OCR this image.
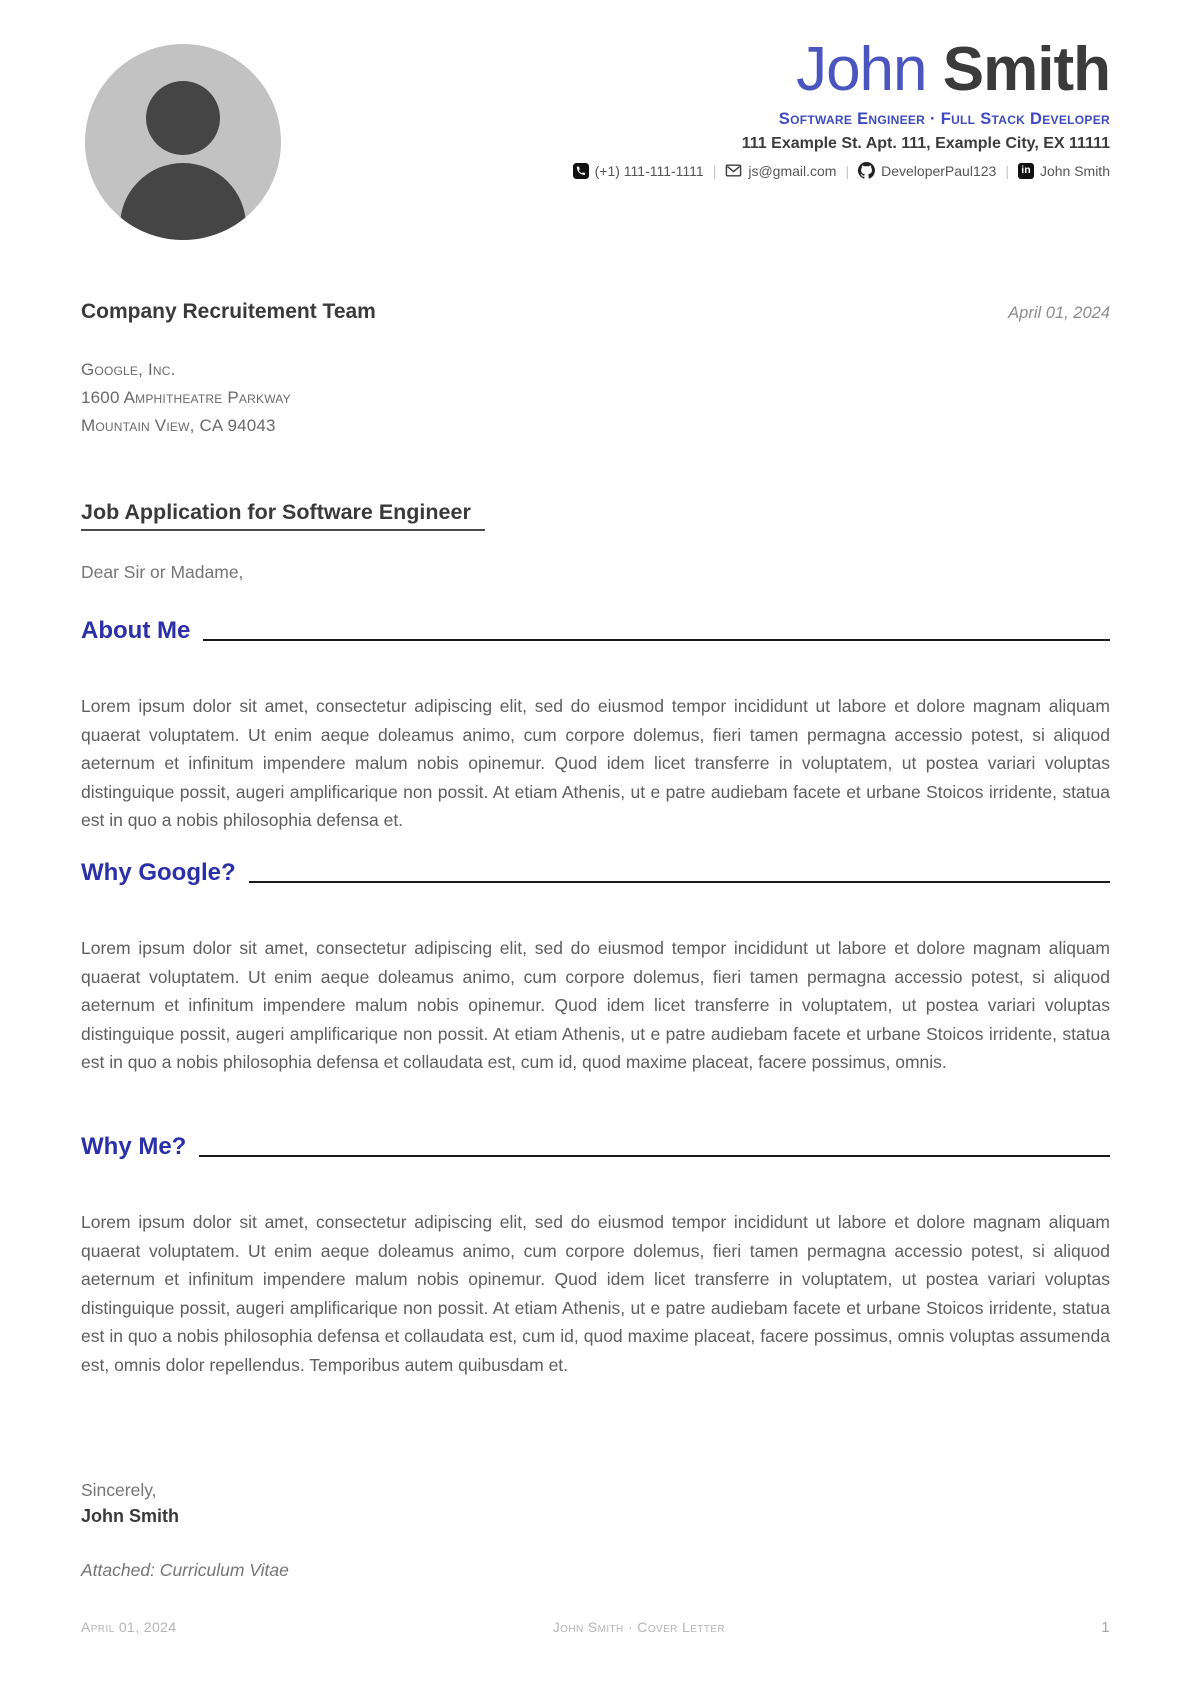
John Smith
Software Engineer · Full Stack Developer
111 Example St. Apt. 111, Example City, EX 11111
(+1) 111-111-1111 | js@gmail.com | DeveloperPaul123 |	in John Smith
Company Recruitement Team	April 01, 2024
Google, Inc.
1600 Amphitheatre Parkway
Mountain View, CA 94043
Job Application for Software Engineer
Dear Sir or Madame,
About Me
Lorem ipsum dolor sit amet, consectetur adipiscing elit, sed do eiusmod tempor incididunt ut labore et dolore magnam aliquam quaerat voluptatem. Ut enim aeque doleamus animo, cum corpore dolemus, fieri tamen permagna accessio potest, si aliquod aeternum et infinitum impendere malum nobis opinemur. Quod idem licet transferre in voluptatem, ut postea variari voluptas distinguique possit, augeri amplificarique non possit. At etiam Athenis, ut e patre audiebam facete et urbane Stoicos irridente, statua est in quo a nobis philosophia defensa et.
Why Google?
Lorem ipsum dolor sit amet, consectetur adipiscing elit, sed do eiusmod tempor incididunt ut labore et dolore magnam aliquam quaerat voluptatem. Ut enim aeque doleamus animo, cum corpore dolemus, fieri tamen permagna accessio potest, si aliquod aeternum et infinitum impendere malum nobis opinemur. Quod idem licet transferre in voluptatem, ut postea variari voluptas distinguique possit, augeri amplificarique non possit. At etiam Athenis, ut e patre audiebam facete et urbane Stoicos irridente, statua est in quo a nobis philosophia defensa et collaudata est, cum id, quod maxime placeat, facere possimus, omnis.
Why Me?
Lorem ipsum dolor sit amet, consectetur adipiscing elit, sed do eiusmod tempor incididunt ut labore et dolore magnam aliquam quaerat voluptatem. Ut enim aeque doleamus animo, cum corpore dolemus, fieri tamen permagna accessio potest, si aliquod aeternum et infinitum impendere malum nobis opinemur. Quod idem licet transferre in voluptatem, ut postea variari voluptas distinguique possit, augeri amplificarique non possit. At etiam Athenis, ut e patre audiebam facete et urbane Stoicos irridente, statua est in quo a nobis philosophia defensa et collaudata est, cum id, quod maxime placeat, facere possimus, omnis voluptas assumenda est, omnis dolor repellendus. Temporibus autem quibusdam et.
Sincerely,
John Smith
Attached: Curriculum Vitae
April 01, 2024	John Smith · Cover Letter	1
